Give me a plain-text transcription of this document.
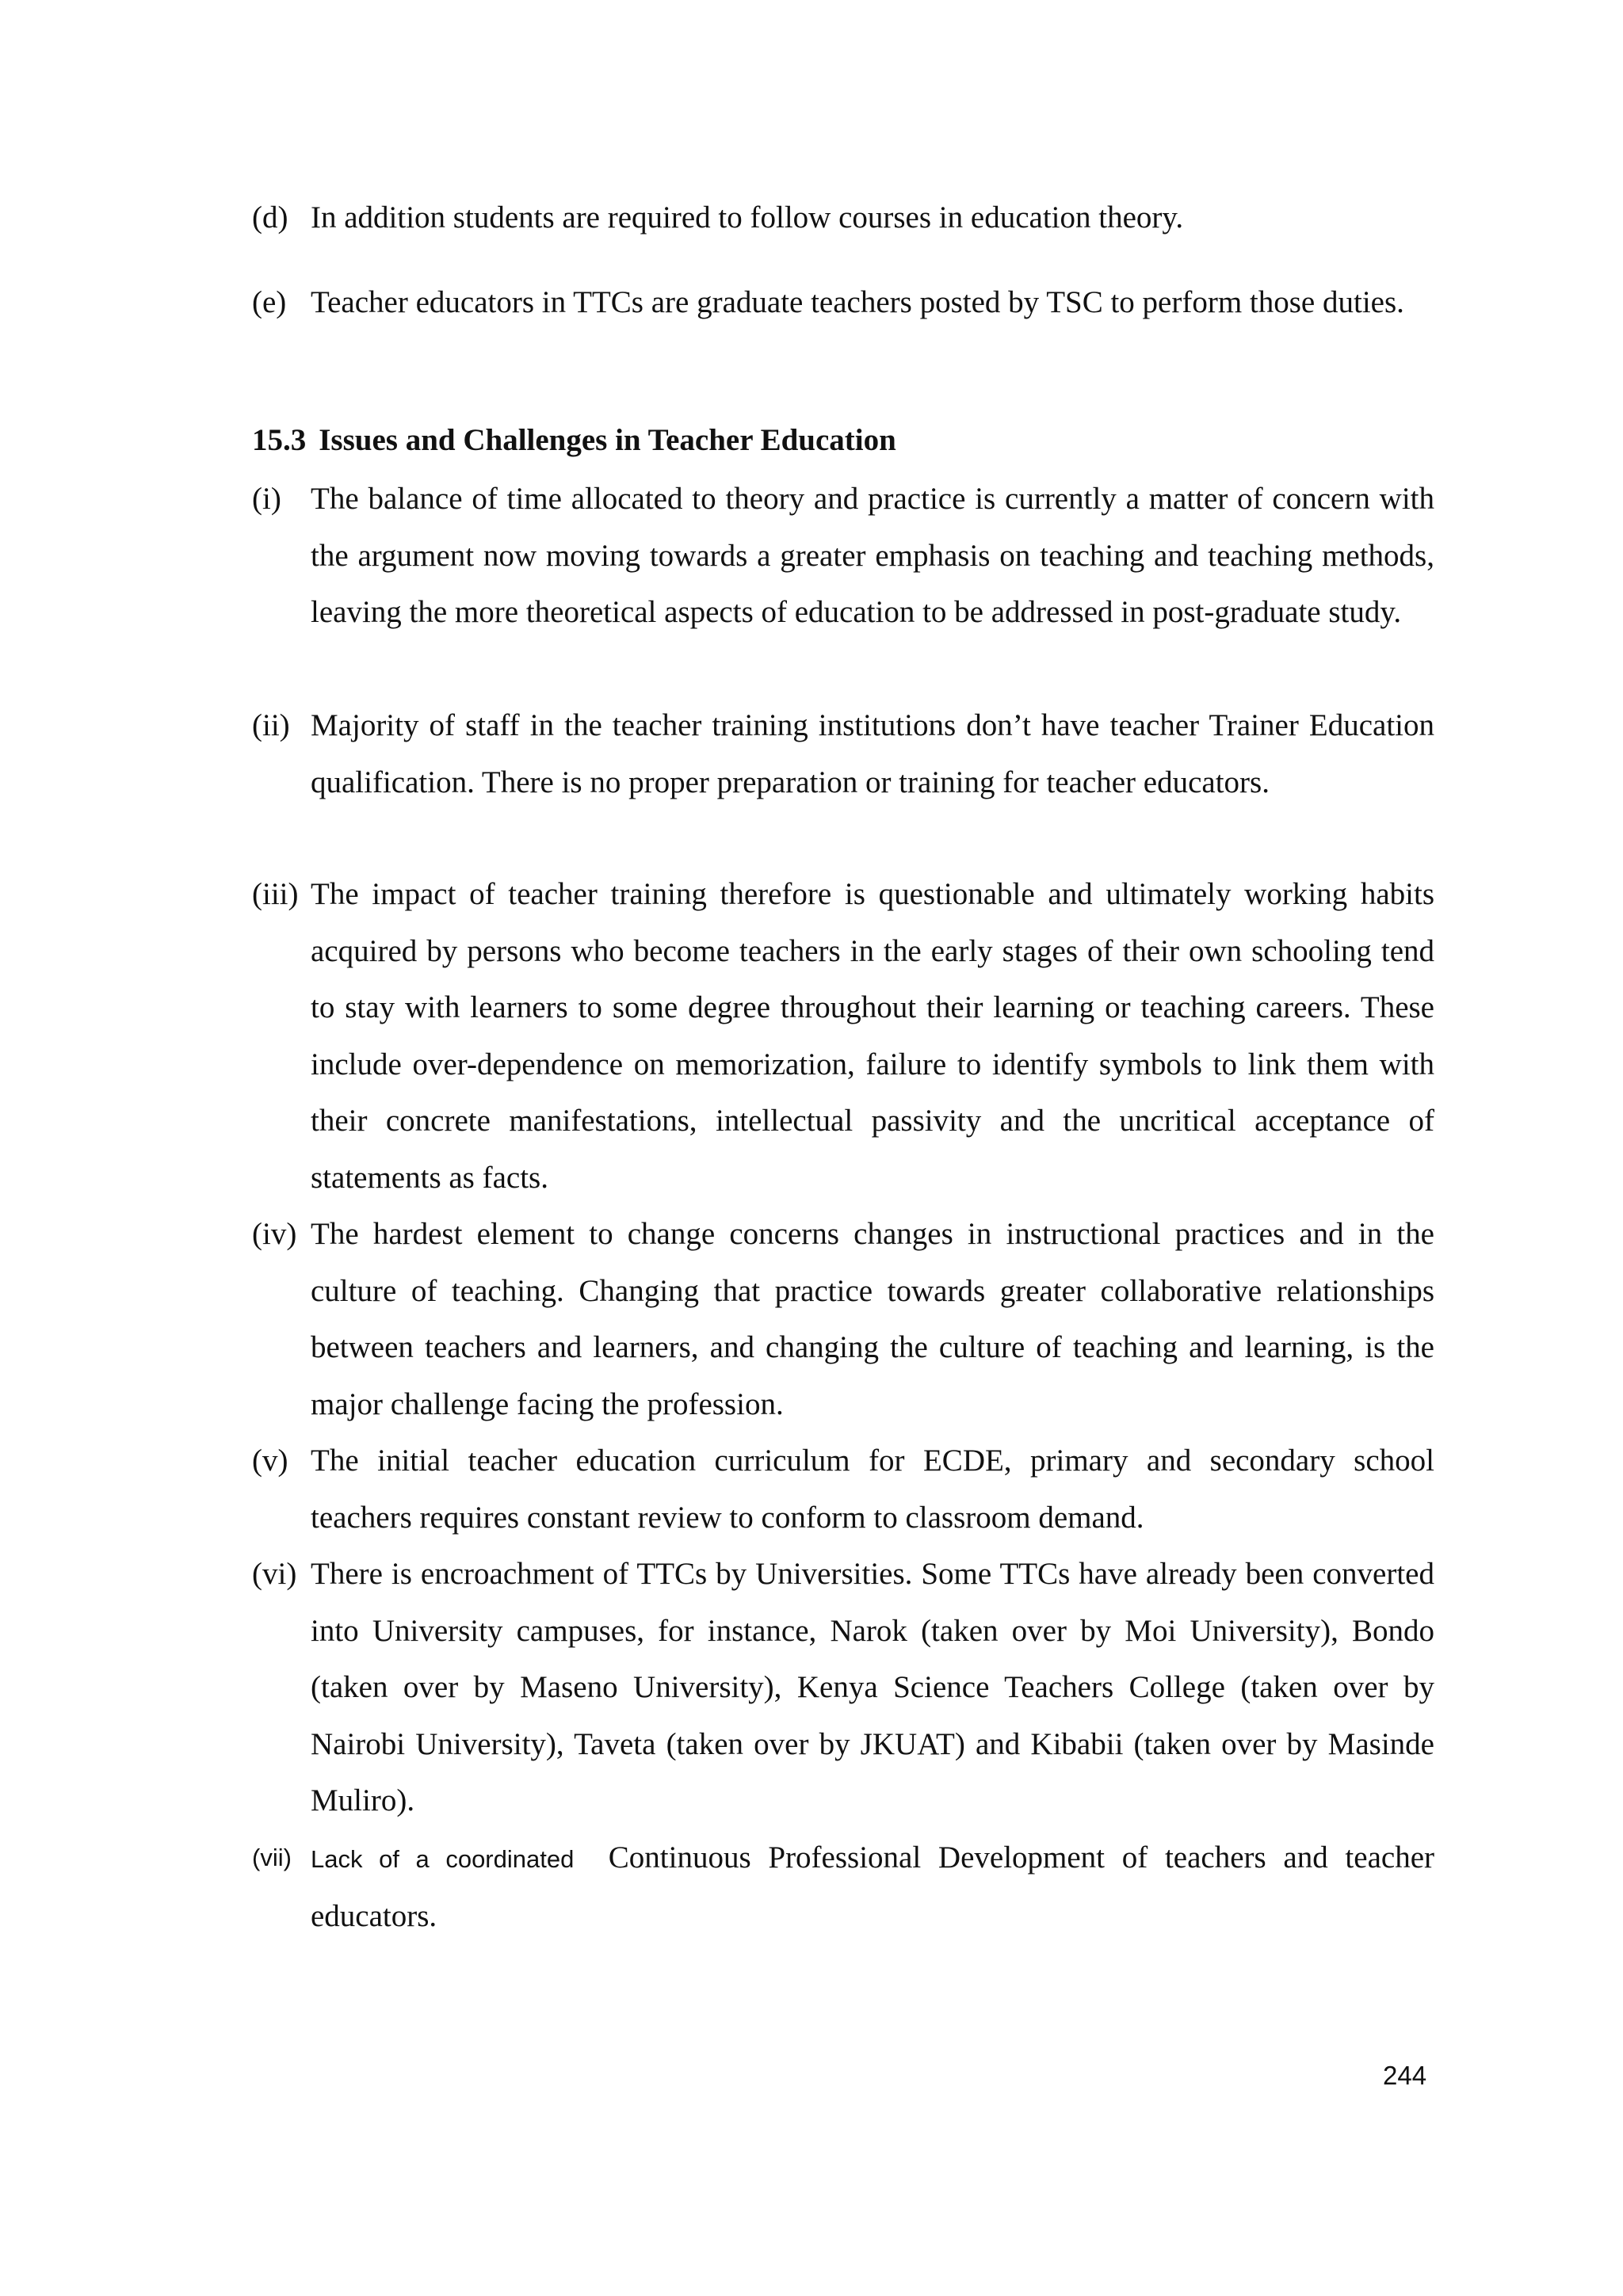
(d) In addition students are required to follow courses in education theory.
(e) Teacher educators in TTCs are graduate teachers posted by TSC to perform those duties.
15.3 Issues and Challenges in Teacher Education
(i) The balance of time allocated to theory and practice is currently a matter of concern with the argument now moving towards a greater emphasis on teaching and teaching methods, leaving the more theoretical aspects of education to be addressed in post-graduate study.
(ii) Majority of staff in the teacher training institutions don’t have teacher Trainer Education qualification. There is no proper preparation or training for teacher educators.
(iii) The impact of teacher training therefore is questionable and ultimately working habits acquired by persons who become teachers in the early stages of their own schooling tend to stay with learners to some degree throughout their learning or teaching careers. These include over-dependence on memorization, failure to identify symbols to link them with their concrete manifestations, intellectual passivity and the uncritical acceptance of statements as facts.
(iv) The hardest element to change concerns changes in instructional practices and in the culture of teaching. Changing that practice towards greater collaborative relationships between teachers and learners, and changing the culture of teaching and learning, is the major challenge facing the profession.
(v) The initial teacher education curriculum for ECDE, primary and secondary school teachers requires constant review to conform to classroom demand.
(vi) There is encroachment of TTCs by Universities. Some TTCs have already been converted into University campuses, for instance, Narok (taken over by Moi University), Bondo (taken over by Maseno University), Kenya Science Teachers College (taken over by Nairobi University), Taveta (taken over by JKUAT) and Kibabii (taken over by Masinde Muliro).
(vii) Lack of a coordinated Continuous Professional Development of teachers and teacher educators.
244
